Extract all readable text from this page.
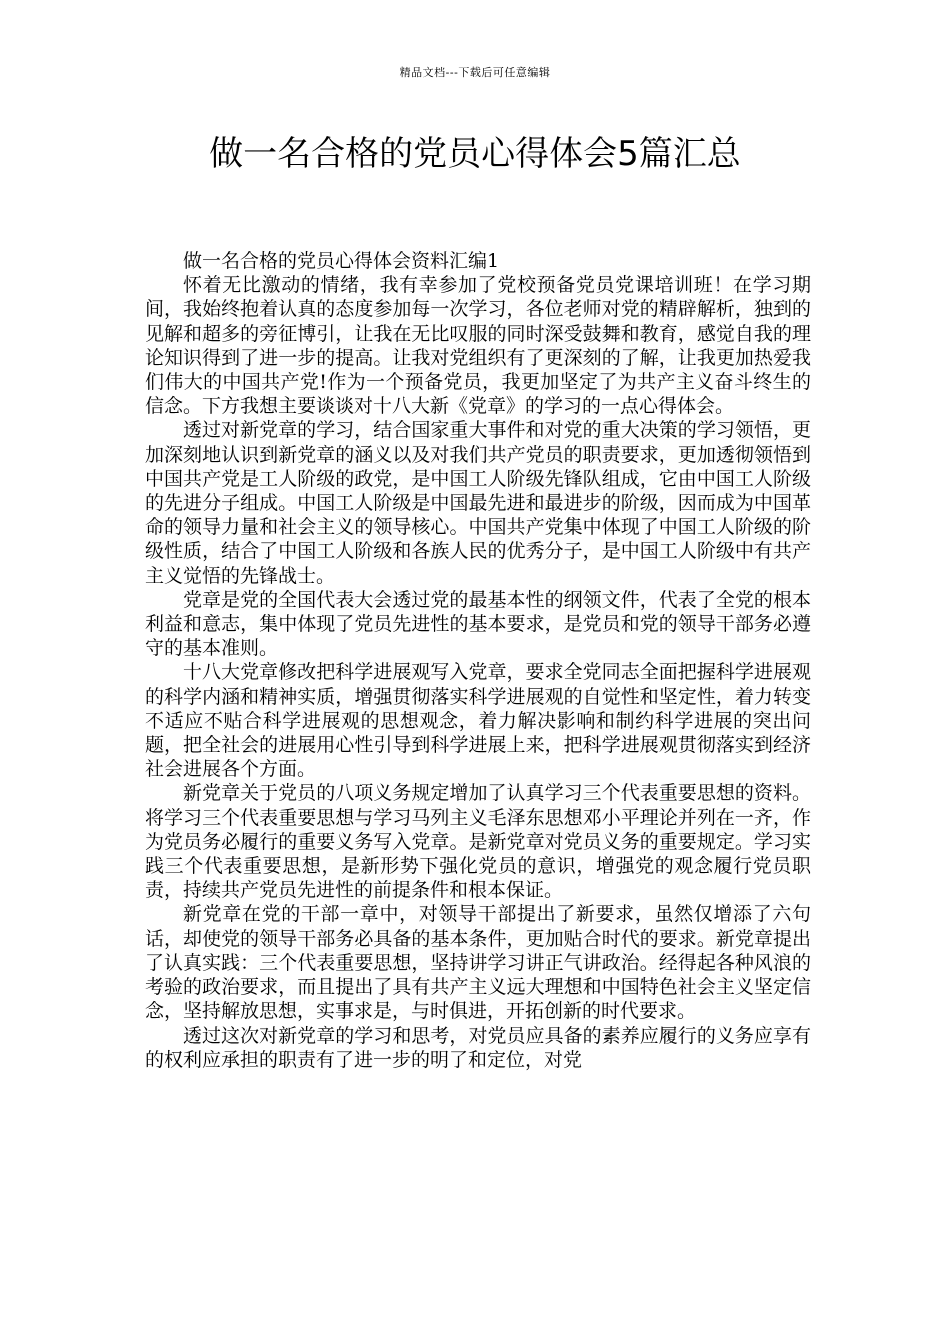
精品文档---下载后可任意编辑
做一名合格的党员心得体会5篇汇总

做一名合格的党员心得体会资料汇编1

怀着无比激动的情绪，我有幸参加了党校预备党员党课培训班！在学习期间，我始终抱着认真的态度参加每一次学习，各位老师对党的精辟解析，独到的见解和超多的旁征博引，让我在无比叹服的同时深受鼓舞和教育，感觉自我的理论知识得到了进一步的提高。让我对党组织有了更深刻的了解，让我更加热爱我们伟大的中国共产党!作为一个预备党员，我更加坚定了为共产主义奋斗终生的信念。下方我想主要谈谈对十八大新《党章》的学习的一点心得体会。

透过对新党章的学习，结合国家重大事件和对党的重大决策的学习领悟，更加深刻地认识到新党章的涵义以及对我们共产党员的职责要求，更加透彻领悟到中国共产党是工人阶级的政党，是中国工人阶级先锋队组成，它由中国工人阶级的先进分子组成。中国工人阶级是中国最先进和最进步的阶级，因而成为中国革命的领导力量和社会主义的领导核心。中国共产党集中体现了中国工人阶级的阶级性质，结合了中国工人阶级和各族人民的优秀分子，是中国工人阶级中有共产主义觉悟的先锋战士。

党章是党的全国代表大会透过党的最基本性的纲领文件，代表了全党的根本利益和意志，集中体现了党员先进性的基本要求，是党员和党的领导干部务必遵守的基本准则。

十八大党章修改把科学进展观写入党章，要求全党同志全面把握科学进展观的科学内涵和精神实质，增强贯彻落实科学进展观的自觉性和坚定性，着力转变不适应不贴合科学进展观的思想观念，着力解决影响和制约科学进展的突出问题，把全社会的进展用心性引导到科学进展上来，把科学进展观贯彻落实到经济社会进展各个方面。

新党章关于党员的八项义务规定增加了认真学习三个代表重要思想的资料。将学习三个代表重要思想与学习马列主义毛泽东思想邓小平理论并列在一齐，作为党员务必履行的重要义务写入党章。是新党章对党员义务的重要规定。学习实践三个代表重要思想，是新形势下强化党员的意识，增强党的观念履行党员职责，持续共产党员先进性的前提条件和根本保证。

新党章在党的干部一章中，对领导干部提出了新要求，虽然仅增添了六句话，却使党的领导干部务必具备的基本条件，更加贴合时代的要求。新党章提出了认真实践：三个代表重要思想，坚持讲学习讲正气讲政治。经得起各种风浪的考验的政治要求，而且提出了具有共产主义远大理想和中国特色社会主义坚定信念，坚持解放思想，实事求是，与时俱进，开拓创新的时代要求。

透过这次对新党章的学习和思考，对党员应具备的素养应履行的义务应享有的权利应承担的职责有了进一步的明了和定位，对党
